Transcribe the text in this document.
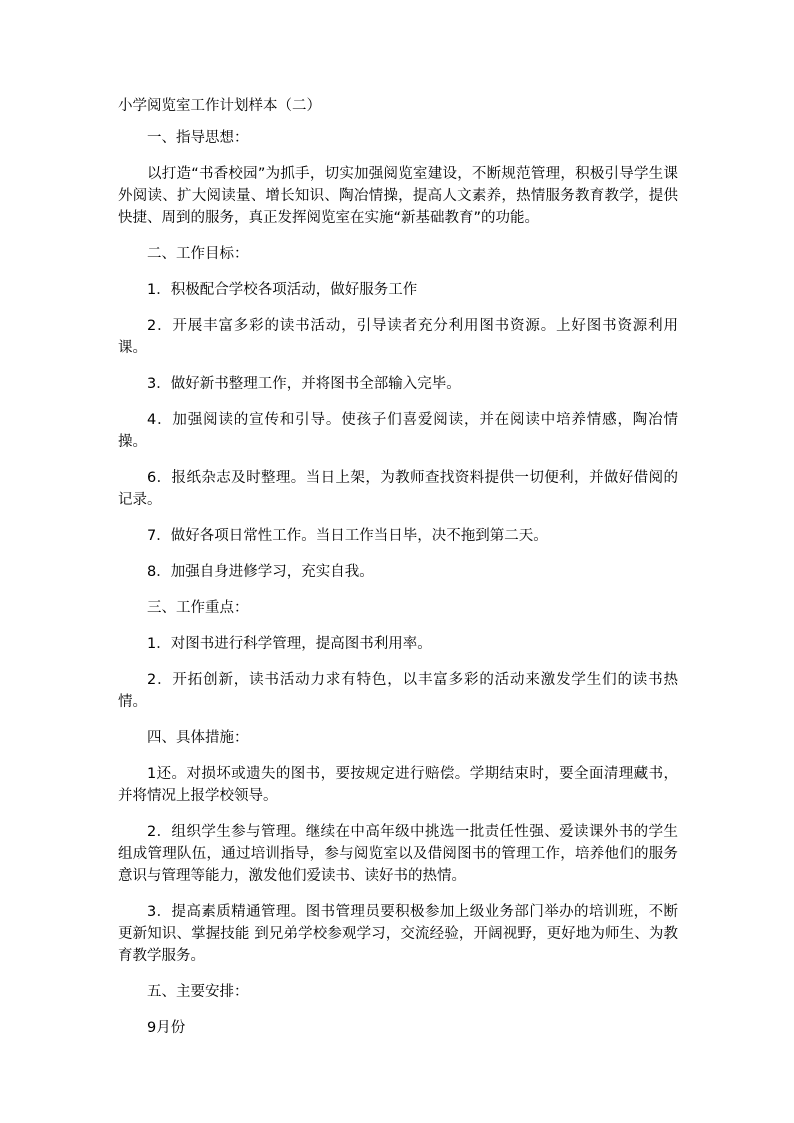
小学阅览室工作计划样本（二）

一、指导思想：

以打造“书香校园”为抓手，切实加强阅览室建设，不断规范管理，积极引导学生课外阅读、扩大阅读量、增长知识、陶冶情操，提高人文素养，热情服务教育教学，提供快捷、周到的服务，真正发挥阅览室在实施“新基础教育”的功能。

二、工作目标：

1．积极配合学校各项活动，做好服务工作

2．开展丰富多彩的读书活动，引导读者充分利用图书资源。上好图书资源利用课。

3．做好新书整理工作，并将图书全部输入完毕。

4．加强阅读的宣传和引导。使孩子们喜爱阅读，并在阅读中培养情感，陶冶情操。

6．报纸杂志及时整理。当日上架，为教师查找资料提供一切便利，并做好借阅的记录。

7．做好各项日常性工作。当日工作当日毕，决不拖到第二天。

8．加强自身进修学习，充实自我。

三、工作重点：

1．对图书进行科学管理，提高图书利用率。

2．开拓创新，读书活动力求有特色，以丰富多彩的活动来激发学生们的读书热情。

四、具体措施：

1还。对损坏或遗失的图书，要按规定进行赔偿。学期结束时，要全面清理藏书，并将情况上报学校领导。

2．组织学生参与管理。继续在中高年级中挑选一批责任性强、爱读课外书的学生组成管理队伍，通过培训指导，参与阅览室以及借阅图书的管理工作，培养他们的服务意识与管理等能力，激发他们爱读书、读好书的热情。

3．提高素质精通管理。图书管理员要积极参加上级业务部门举办的培训班，不断更新知识、掌握技能 到兄弟学校参观学习，交流经验，开阔视野，更好地为师生、为教育教学服务。

五、主要安排：

9月份
